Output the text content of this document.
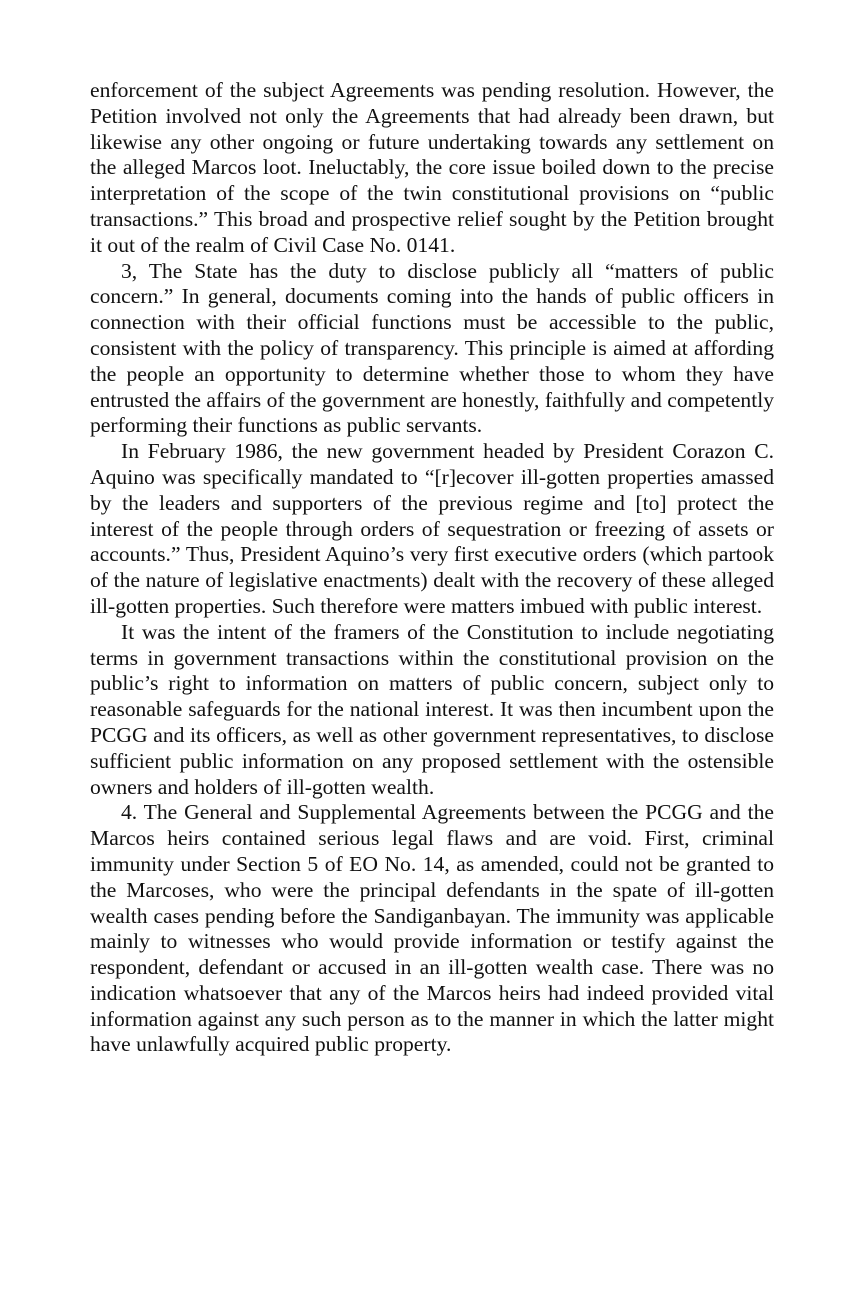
enforcement of the subject Agreements was pending resolution. However, the Petition involved not only the Agreements that had already been drawn, but likewise any other ongoing or future undertaking towards any settlement on the alleged Marcos loot. Ineluctably, the core issue boiled down to the precise interpretation of the scope of the twin constitutional provisions on “public transactions.” This broad and prospective relief sought by the Petition brought it out of the realm of Civil Case No. 0141.

3, The State has the duty to disclose publicly all “matters of public concern.” In general, documents coming into the hands of public officers in connection with their official functions must be accessible to the public, consistent with the policy of transparency. This principle is aimed at affording the people an opportunity to determine whether those to whom they have entrusted the affairs of the government are honestly, faithfully and competently performing their functions as public servants.

In February 1986, the new government headed by President Corazon C. Aquino was specifically mandated to “[r]ecover ill-gotten properties amassed by the leaders and supporters of the previous regime and [to] protect the interest of the people through orders of sequestration or freezing of assets or accounts.” Thus, President Aquino’s very first executive orders (which partook of the nature of legislative enactments) dealt with the recovery of these alleged ill-gotten properties. Such therefore were matters imbued with public interest.

It was the intent of the framers of the Constitution to include negotiating terms in government transactions within the constitutional provision on the public’s right to information on matters of public concern, subject only to reasonable safeguards for the national interest. It was then incumbent upon the PCGG and its officers, as well as other government representatives, to disclose sufficient public information on any proposed settlement with the ostensible owners and holders of ill-gotten wealth.

4. The General and Supplemental Agreements between the PCGG and the Marcos heirs contained serious legal flaws and are void. First, criminal immunity under Section 5 of EO No. 14, as amended, could not be granted to the Marcoses, who were the principal defendants in the spate of ill-gotten wealth cases pending before the Sandiganbayan. The immunity was applicable mainly to witnesses who would provide information or testify against the respondent, defendant or accused in an ill-gotten wealth case. There was no indication whatsoever that any of the Marcos heirs had indeed provided vital information against any such person as to the manner in which the latter might have unlawfully acquired public property.
